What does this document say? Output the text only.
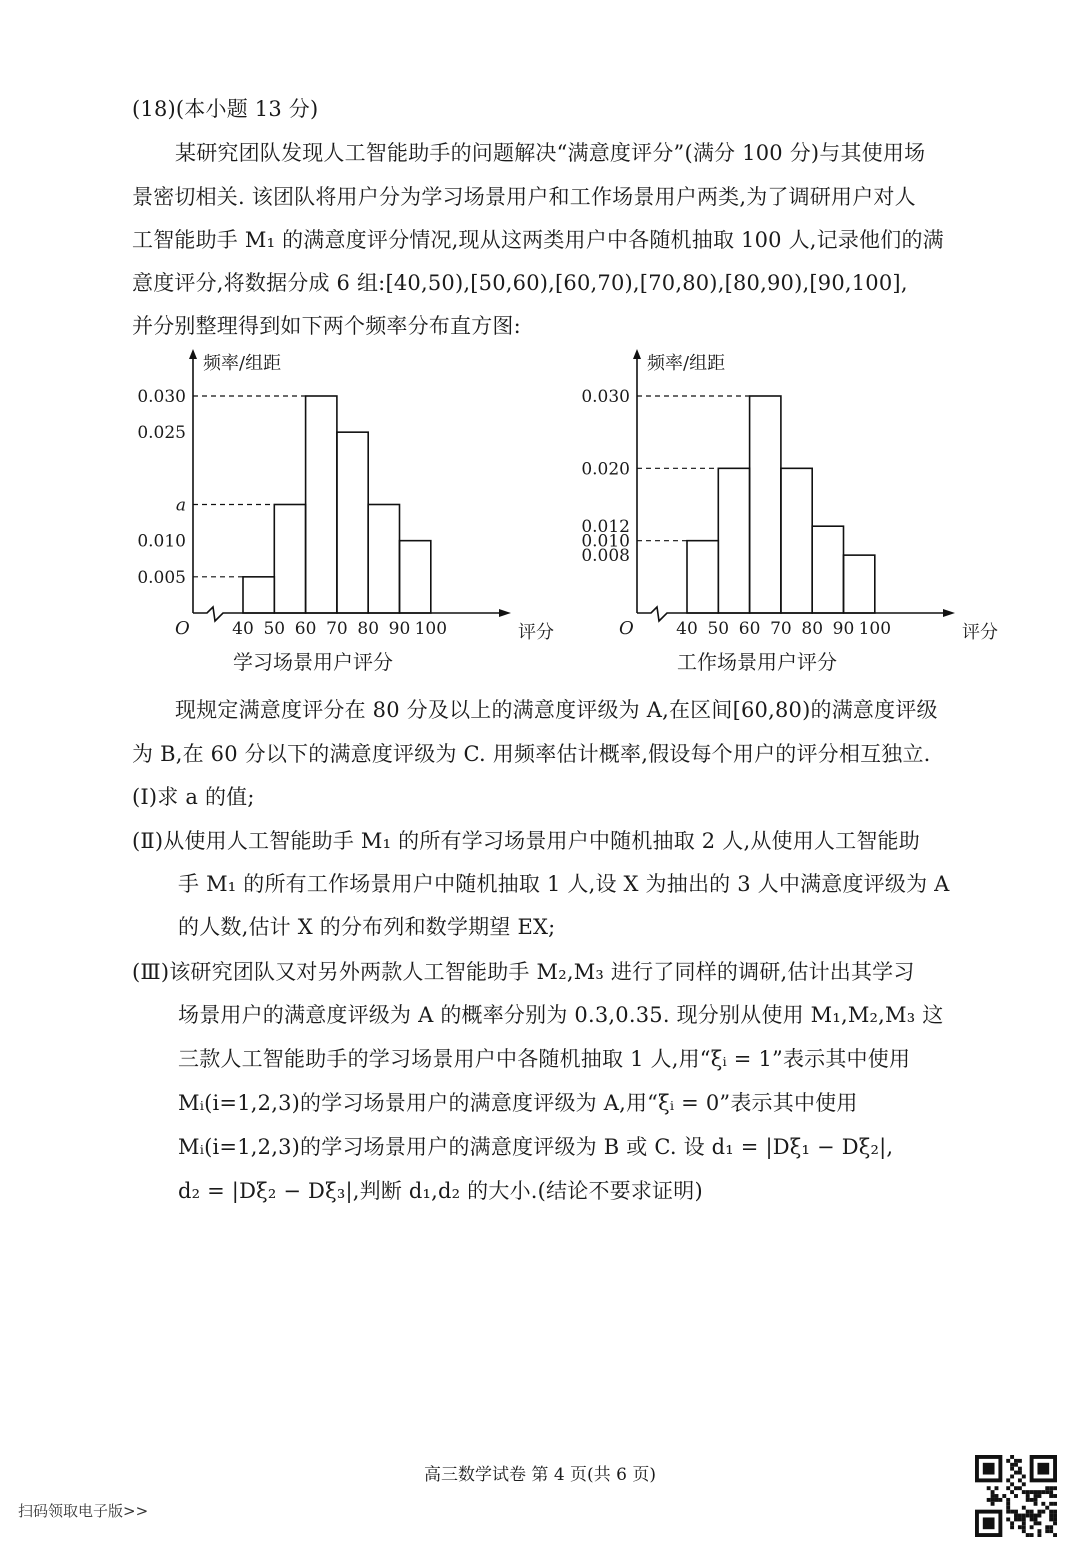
(18)(本小题 13 分)
某研究团队发现人工智能助手的问题解决“满意度评分”(满分 100 分)与其使用场
景密切相关. 该团队将用户分为学习场景用户和工作场景用户两类,为了调研用户对人
工智能助手 M₁ 的满意度评分情况,现从这两类用户中各随机抽取 100 人,记录他们的满
意度评分,将数据分成 6 组:[40,50),[50,60),[60,70),[70,80),[80,90),[90,100],
并分别整理得到如下两个频率分布直方图:
频率/组距
O
0.030
0.025
a
0.010
0.005
40 50 60 70 80 90 100	评分
学习场景用户评分
频率/组距
O
0.030
0.020
0.012
0.010
0.008
40 50 60 70 80 90 100	评分
工作场景用户评分
现规定满意度评分在 80 分及以上的满意度评级为 A,在区间[60,80)的满意度评级
为 B,在 60 分以下的满意度评级为 C. 用频率估计概率,假设每个用户的评分相互独立.
(Ⅰ)求 a 的值;
(Ⅱ)从使用人工智能助手 M₁ 的所有学习场景用户中随机抽取 2 人,从使用人工智能助
手 M₁ 的所有工作场景用户中随机抽取 1 人,设 X 为抽出的 3 人中满意度评级为 A
的人数,估计 X 的分布列和数学期望 EX;
(Ⅲ)该研究团队又对另外两款人工智能助手 M₂,M₃ 进行了同样的调研,估计出其学习
场景用户的满意度评级为 A 的概率分别为 0.3,0.35. 现分别从使用 M₁,M₂,M₃ 这
三款人工智能助手的学习场景用户中各随机抽取 1 人,用“ξᵢ = 1”表示其中使用
Mᵢ(i=1,2,3)的学习场景用户的满意度评级为 A,用“ξᵢ = 0”表示其中使用
Mᵢ(i=1,2,3)的学习场景用户的满意度评级为 B 或 C. 设 d₁ = |Dξ₁ − Dξ₂|,
d₂ = |Dξ₂ − Dξ₃|,判断 d₁,d₂ 的大小.(结论不要求证明)
高三数学试卷 第 4 页(共 6 页)
扫码领取电子版>>
